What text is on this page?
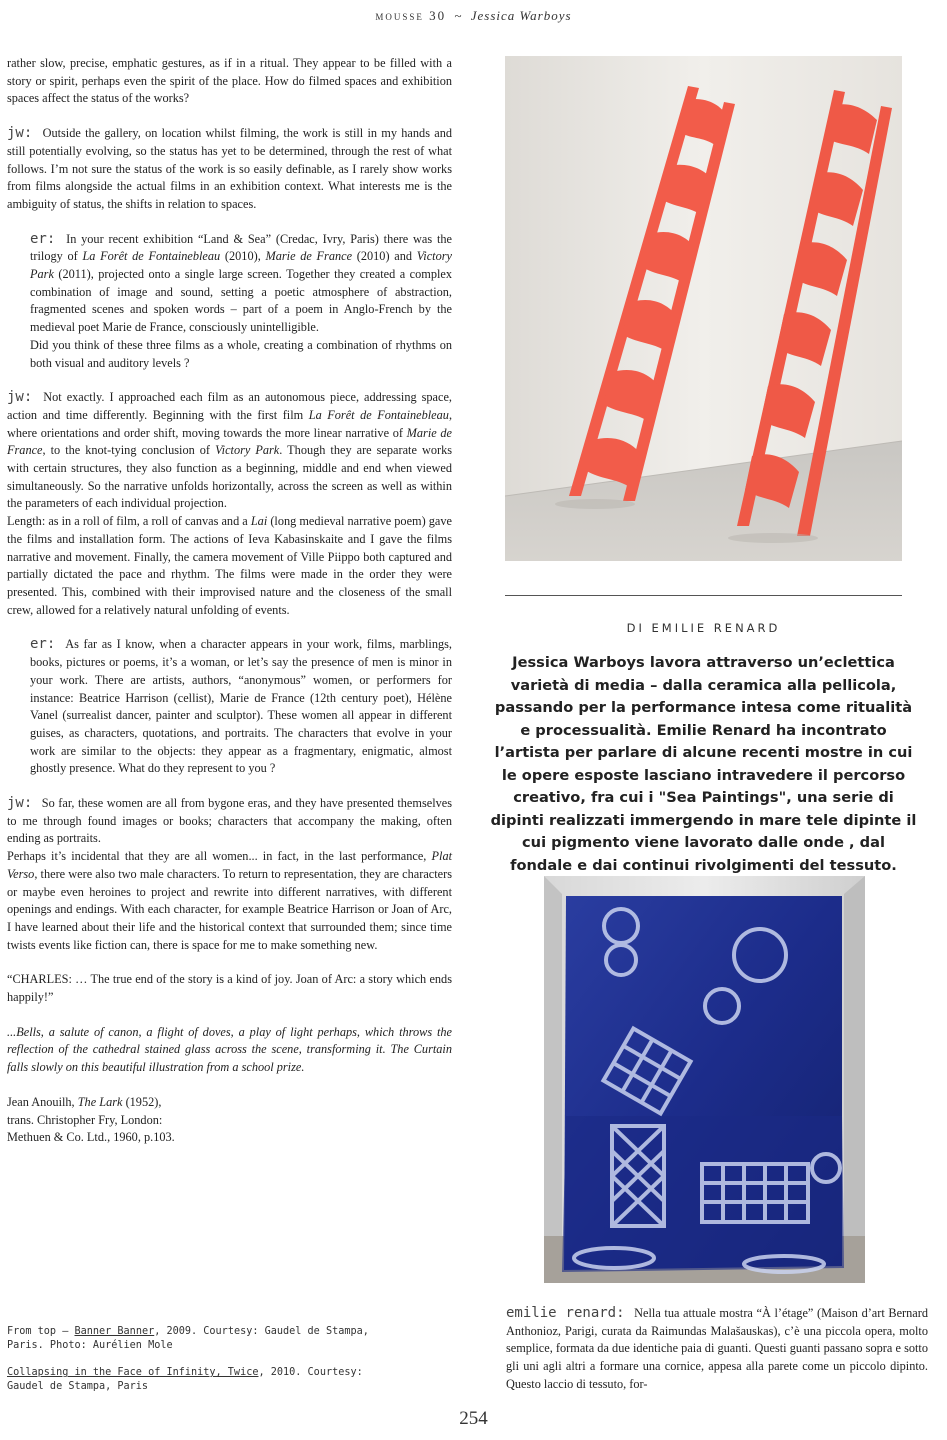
mousse 30 ~ Jessica Warboys

rather slow, precise, emphatic gestures, as if in a ritual. They appear to be filled with a story or spirit, perhaps even the spirit of the place. How do filmed spaces and exhibition spaces affect the status of the works?

jw: Outside the gallery, on location whilst filming, the work is still in my hands and still potentially evolving, so the status has yet to be determined, through the rest of what follows. I’m not sure the status of the work is so easily definable, as I rarely show works from films alongside the actual films in an exhibition context. What interests me is the ambiguity of status, the shifts in relation to spaces.

er: In your recent exhibition “Land & Sea” (Credac, Ivry, Paris) there was the trilogy of La Forêt de Fontainebleau (2010), Marie de France (2010) and Victory Park (2011), projected onto a single large screen. Together they created a complex combination of image and sound, setting a poetic atmosphere of abstraction, fragmented scenes and spoken words – part of a poem in Anglo-French by the medieval poet Marie de France, consciously unintelligible.
Did you think of these three films as a whole, creating a combination of rhythms on both visual and auditory levels ?

jw: Not exactly. I approached each film as an autonomous piece, addressing space, action and time differently. Beginning with the first film La Forêt de Fontainebleau, where orientations and order shift, moving towards the more linear narrative of Marie de France, to the knot-tying conclusion of Victory Park. Though they are separate works with certain structures, they also function as a beginning, middle and end when viewed simultaneously. So the narrative unfolds horizontally, across the screen as well as within the parameters of each individual projection.
Length: as in a roll of film, a roll of canvas and a Lai (long medieval narrative poem) gave the films and installation form. The actions of Ieva Kabasinskaite and I gave the films narrative and movement. Finally, the camera movement of Ville Piippo both captured and partially dictated the pace and rhythm. The films were made in the order they were presented. This, combined with their improvised nature and the closeness of the small crew, allowed for a relatively natural unfolding of events.

er: As far as I know, when a character appears in your work, films, marblings, books, pictures or poems, it’s a woman, or let’s say the presence of men is minor in your work. There are artists, authors, “anonymous” women, or performers for instance: Beatrice Harrison (cellist), Marie de France (12th century poet), Hélène Vanel (surrealist dancer, painter and sculptor). These women all appear in different guises, as characters, quotations, and portraits. The characters that evolve in your work are similar to the objects: they appear as a fragmentary, enigmatic, almost ghostly presence. What do they represent to you ?

jw: So far, these women are all from bygone eras, and they have presented themselves to me through found images or books; characters that accompany the making, often ending as portraits.
Perhaps it’s incidental that they are all women... in fact, in the last performance, Plat Verso, there were also two male characters. To return to representation, they are characters or maybe even heroines to project and rewrite into different narratives, with different openings and endings. With each character, for example Beatrice Harrison or Joan of Arc, I have learned about their life and the historical context that surrounded them; since time twists events like fiction can, there is space for me to make something new.

“CHARLES: … The true end of the story is a kind of joy. Joan of Arc: a story which ends happily!”

...Bells, a salute of canon, a flight of doves, a play of light perhaps, which throws the reflection of the cathedral stained glass across the scene, transforming it. The Curtain falls slowly on this beautiful illustration from a school prize.

Jean Anouilh, The Lark (1952),
trans. Christopher Fry, London:
Methuen & Co. Ltd., 1960, p.103.

DI EMILIE RENARD
Jessica Warboys lavora attraverso un’eclettica varietà di media – dalla ceramica alla pellicola, passando per la performance intesa come ritualità e processualità. Emilie Renard ha incontrato l’artista per parlare di alcune recenti mostre in cui le opere esposte lasciano intravedere il percorso creativo, fra cui i "Sea Paintings", una serie di dipinti realizzati immergendo in mare tele dipinte il cui pigmento viene lavorato dalle onde , dal fondale e dai continui rivolgimenti del tessuto.
emilie renard: Nella tua attuale mostra “À l’étage” (Maison d’art Bernard Anthonioz, Parigi, curata da Raimundas Malašauskas), c’è una piccola opera, molto semplice, formata da due identiche paia di guanti. Questi guanti passano sopra e sotto gli uni agli altri a formare una cornice, appesa alla parete come un piccolo dipinto. Questo laccio di tessuto, for-

From top – Banner Banner, 2009. Courtesy: Gaudel de Stampa, Paris. Photo: Aurélien Mole

Collapsing in the Face of Infinity, Twice, 2010. Courtesy: Gaudel de Stampa, Paris

254
